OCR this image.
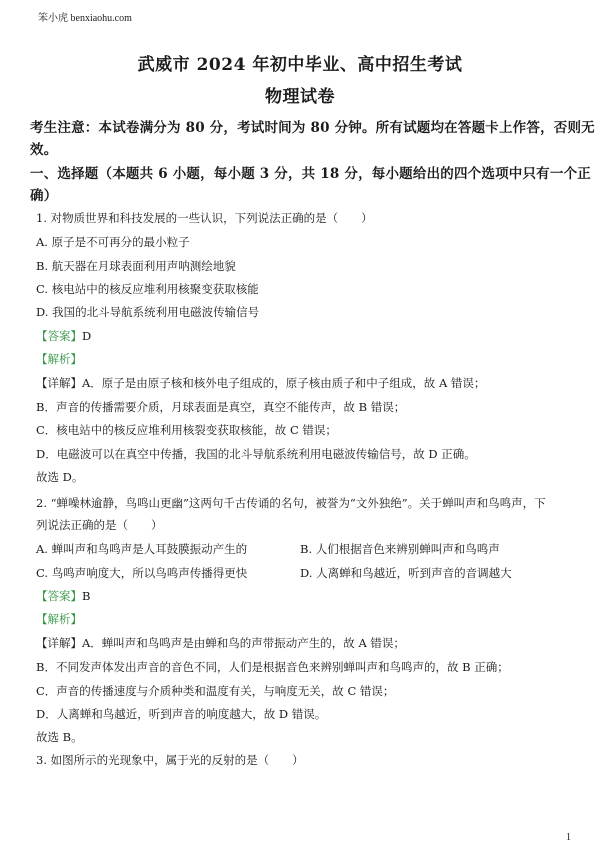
笨小虎 benxiaohu.com
武威市 2024 年初中毕业、高中招生考试
物理试卷
考生注意：本试卷满分为 80 分，考试时间为 80 分钟。所有试题均在答题卡上作答，否则无
效。
一、选择题（本题共 6 小题，每小题 3 分，共 18 分，每小题给出的四个选项中只有一个正
确）
1. 对物质世界和科技发展的一些认识，下列说法正确的是（　　）
A. 原子是不可再分的最小粒子
B. 航天器在月球表面利用声呐测绘地貌
C. 核电站中的核反应堆利用核聚变获取核能
D. 我国的北斗导航系统利用电磁波传输信号
【答案】D
【解析】
【详解】A．原子是由原子核和核外电子组成的，原子核由质子和中子组成，故 A 错误；
B．声音的传播需要介质，月球表面是真空，真空不能传声，故 B 错误；
C．核电站中的核反应堆利用核裂变获取核能，故 C 错误；
D．电磁波可以在真空中传播，我国的北斗导航系统利用电磁波传输信号，故 D 正确。
故选 D。
2. “蝉噪林逾静，鸟鸣山更幽”这两句千古传诵的名句，被誉为“文外独绝”。关于蝉叫声和鸟鸣声，下
列说法正确的是（　　）
A. 蝉叫声和鸟鸣声是人耳鼓膜振动产生的	B. 人们根据音色来辨别蝉叫声和鸟鸣声
C. 鸟鸣声响度大，所以鸟鸣声传播得更快	D. 人离蝉和鸟越近，听到声音的音调越大
【答案】B
【解析】
【详解】A．蝉叫声和鸟鸣声是由蝉和鸟的声带振动产生的，故 A 错误；
B．不同发声体发出声音的音色不同，人们是根据音色来辨别蝉叫声和鸟鸣声的，故 B 正确；
C．声音的传播速度与介质种类和温度有关，与响度无关，故 C 错误；
D．人离蝉和鸟越近，听到声音的响度越大，故 D 错误。
故选 B。
3. 如图所示的光现象中，属于光的反射的是（　　）
1
